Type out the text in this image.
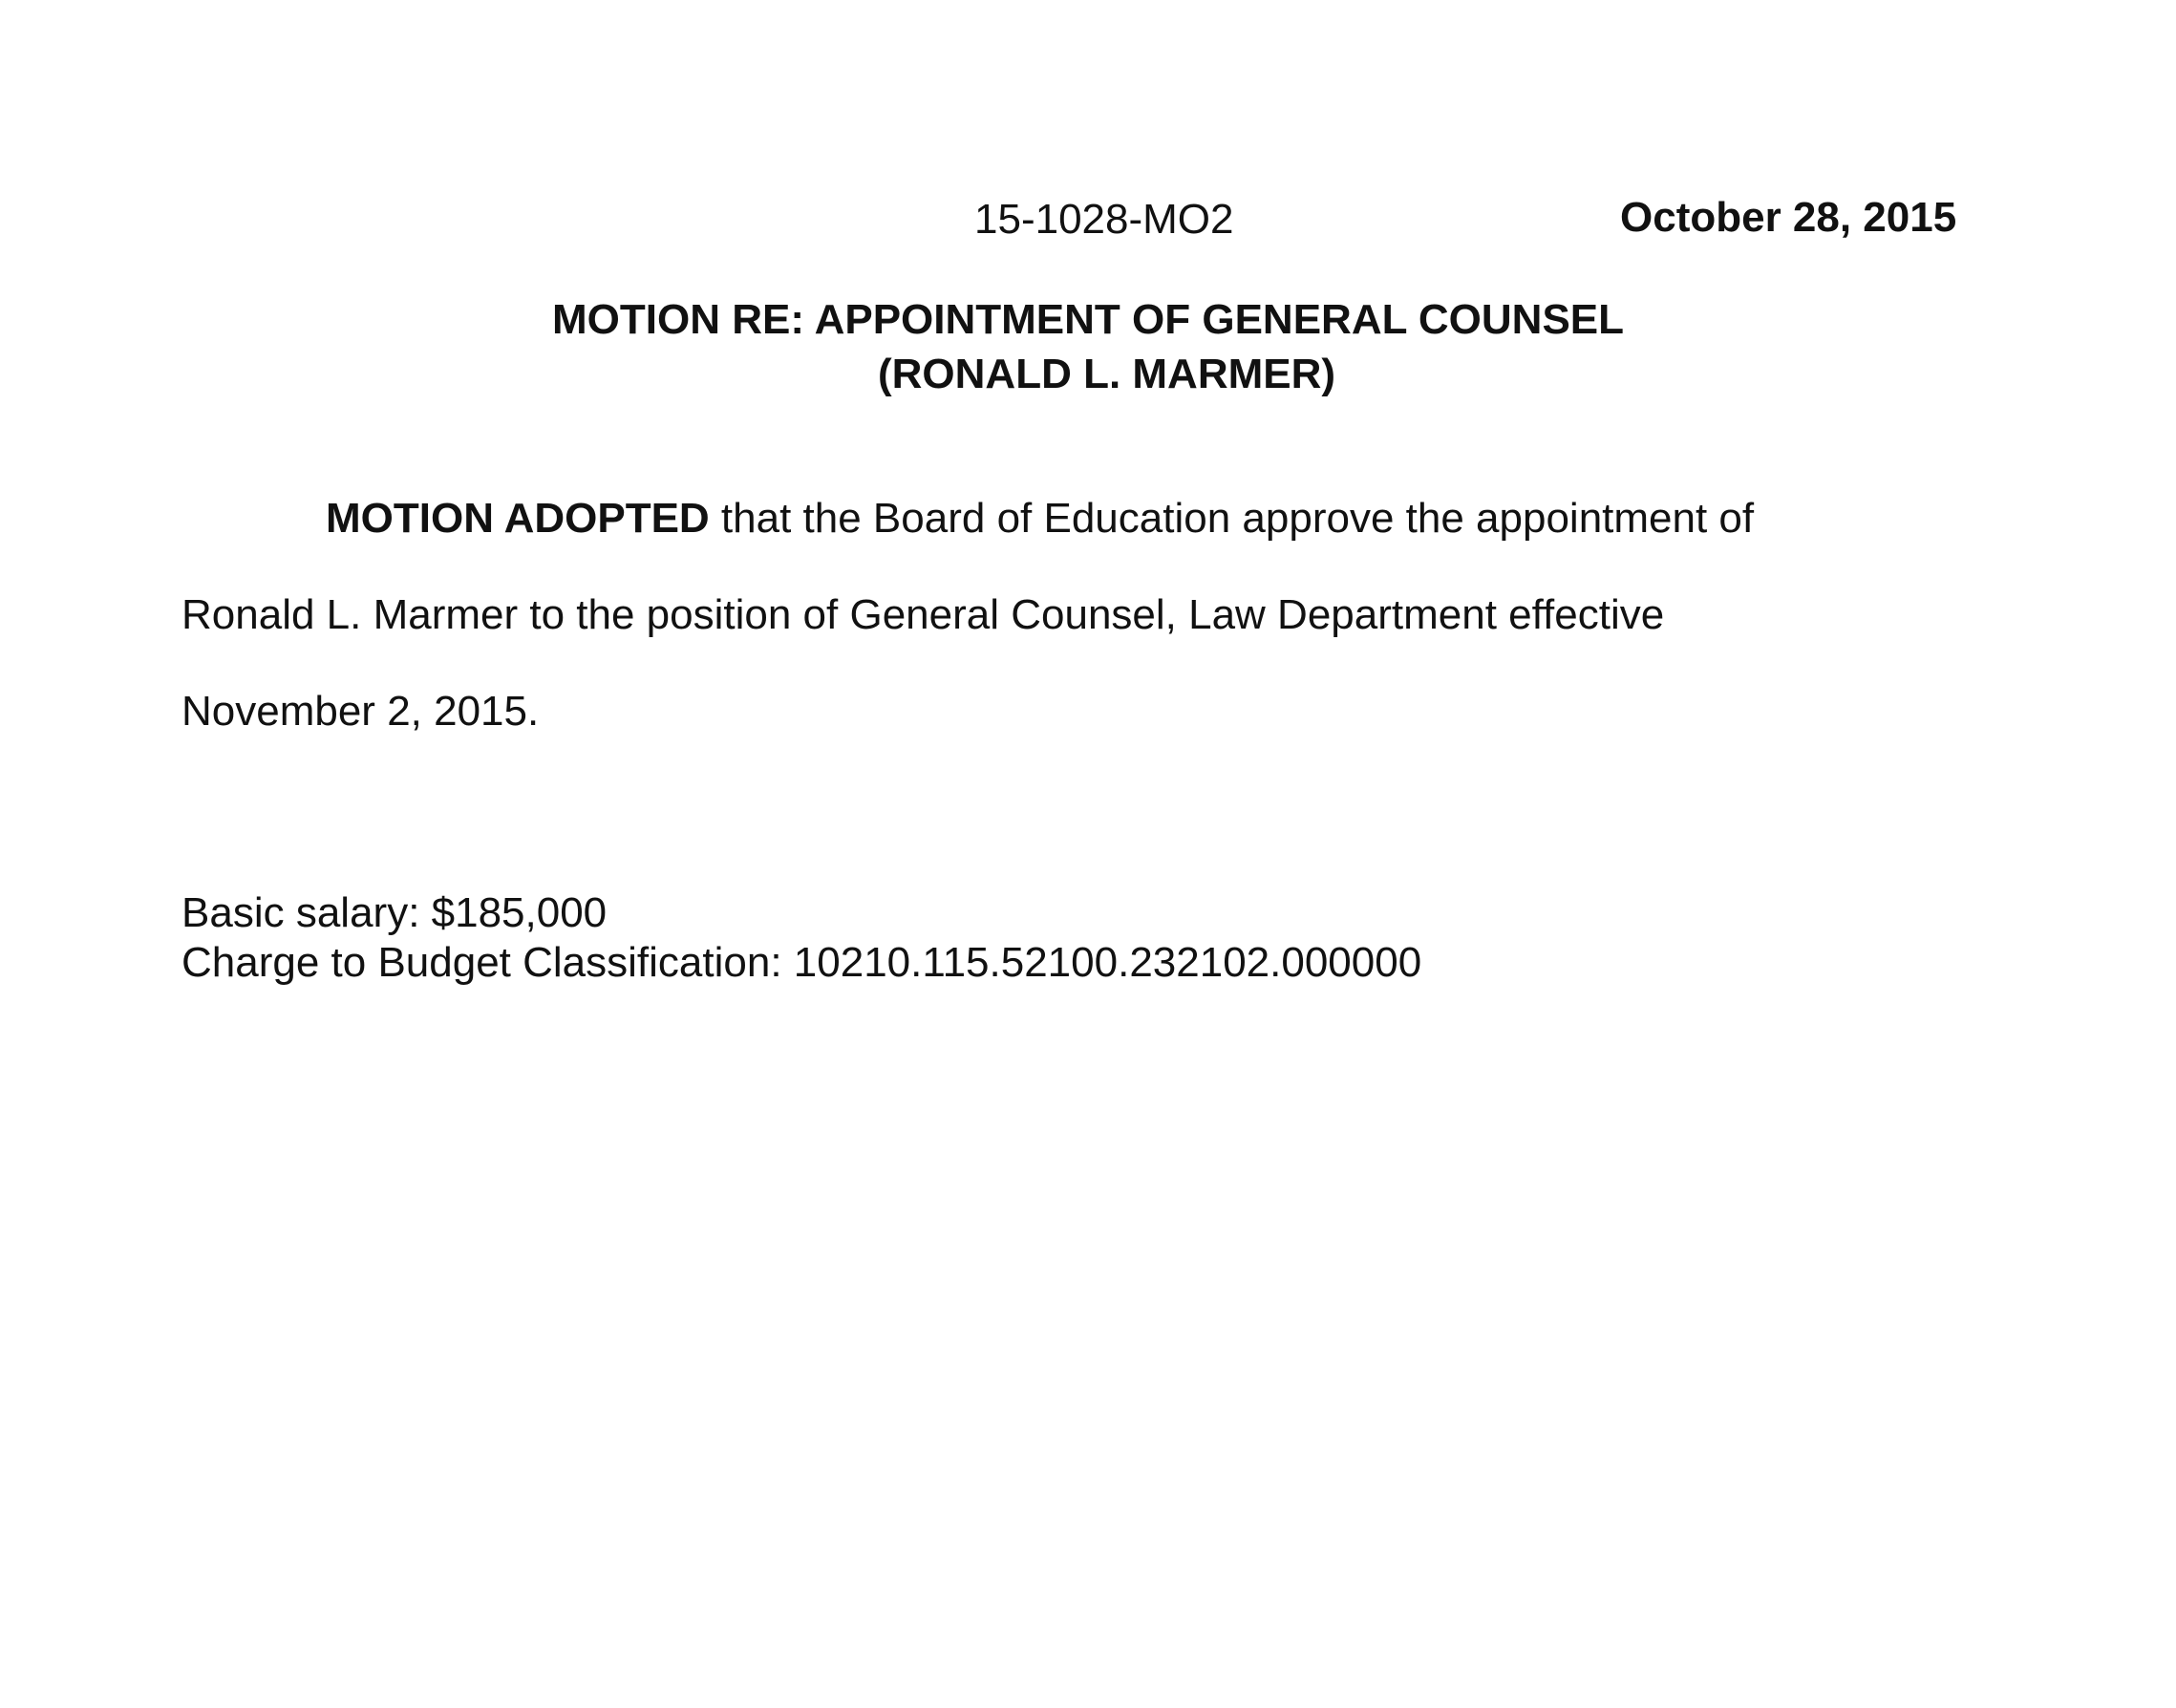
15-1028-MO2	October 28, 2015
MOTION RE: APPOINTMENT OF GENERAL COUNSEL
(RONALD L. MARMER)
MOTION ADOPTED that the Board of Education approve the appointment of
Ronald L. Marmer to the position of General Counsel, Law Department effective
November 2, 2015.
Basic salary: $185,000
Charge to Budget Classification: 10210.115.52100.232102.000000
